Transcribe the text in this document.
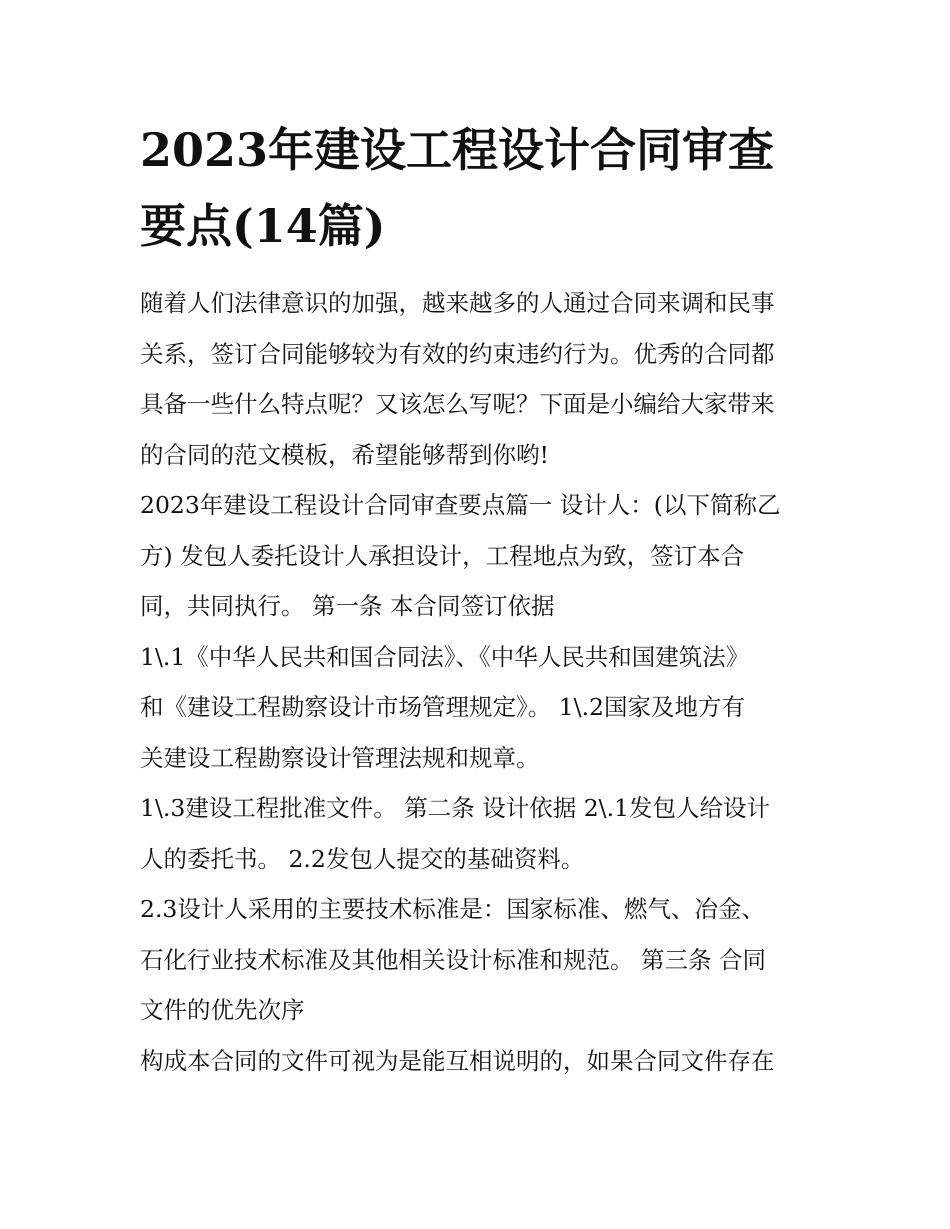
2023年建设工程设计合同审查
要点(14篇)
随着人们法律意识的加强，越来越多的人通过合同来调和民事
关系，签订合同能够较为有效的约束违约行为。优秀的合同都
具备一些什么特点呢？又该怎么写呢？下面是小编给大家带来
的合同的范文模板，希望能够帮到你哟!
2023年建设工程设计合同审查要点篇一 设计人：(以下简称乙
方) 发包人委托设计人承担设计，工程地点为致，签订本合
同，共同执行。 第一条 本合同签订依据
1\.1《中华人民共和国合同法》、《中华人民共和国建筑法》
和《建设工程勘察设计市场管理规定》。 1\.2国家及地方有
关建设工程勘察设计管理法规和规章。
1\.3建设工程批准文件。 第二条 设计依据 2\.1发包人给设计
人的委托书。 2.2发包人提交的基础资料。
2.3设计人采用的主要技术标准是：国家标准、燃气、冶金、
石化行业技术标准及其他相关设计标准和规范。 第三条 合同
文件的优先次序
构成本合同的文件可视为是能互相说明的，如果合同文件存在
